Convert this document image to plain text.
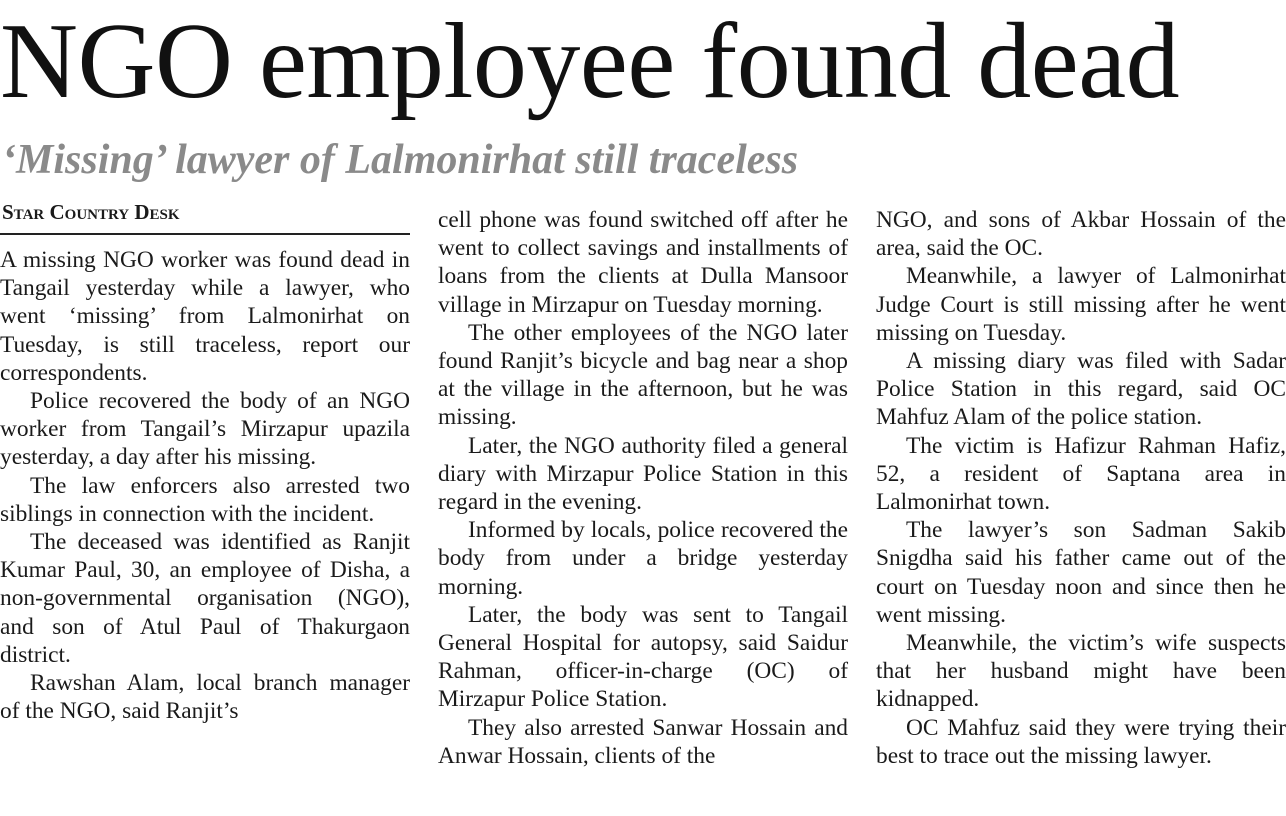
NGO employee found dead
‘Missing’ lawyer of Lalmonirhat still traceless
Star Country Desk

A missing NGO worker was found dead in Tangail yesterday while a lawyer, who went ‘missing’ from Lalmonirhat on Tuesday, is still traceless, report our correspondents.

Police recovered the body of an NGO worker from Tangail’s Mirzapur upazila yesterday, a day after his missing.

The law enforcers also arrested two siblings in connection with the incident.

The deceased was identified as Ranjit Kumar Paul, 30, an employee of Disha, a non-governmental organisation (NGO), and son of Atul Paul of Thakurgaon district.

Rawshan Alam, local branch manager of the NGO, said Ranjit’s

cell phone was found switched off after he went to collect savings and installments of loans from the clients at Dulla Mansoor village in Mirzapur on Tuesday morning.

The other employees of the NGO later found Ranjit’s bicycle and bag near a shop at the village in the afternoon, but he was missing.

Later, the NGO authority filed a general diary with Mirzapur Police Station in this regard in the evening.

Informed by locals, police recovered the body from under a bridge yesterday morning.

Later, the body was sent to Tangail General Hospital for autopsy, said Saidur Rahman, officer-in-charge (OC) of Mirzapur Police Station.

They also arrested Sanwar Hossain and Anwar Hossain, clients of the

NGO, and sons of Akbar Hossain of the area, said the OC.

Meanwhile, a lawyer of Lalmonirhat Judge Court is still missing after he went missing on Tuesday.

A missing diary was filed with Sadar Police Station in this regard, said OC Mahfuz Alam of the police station.

The victim is Hafizur Rahman Hafiz, 52, a resident of Saptana area in Lalmonirhat town.

The lawyer’s son Sadman Sakib Snigdha said his father came out of the court on Tuesday noon and since then he went missing.

Meanwhile, the victim’s wife suspects that her husband might have been kidnapped.

OC Mahfuz said they were trying their best to trace out the missing lawyer.
